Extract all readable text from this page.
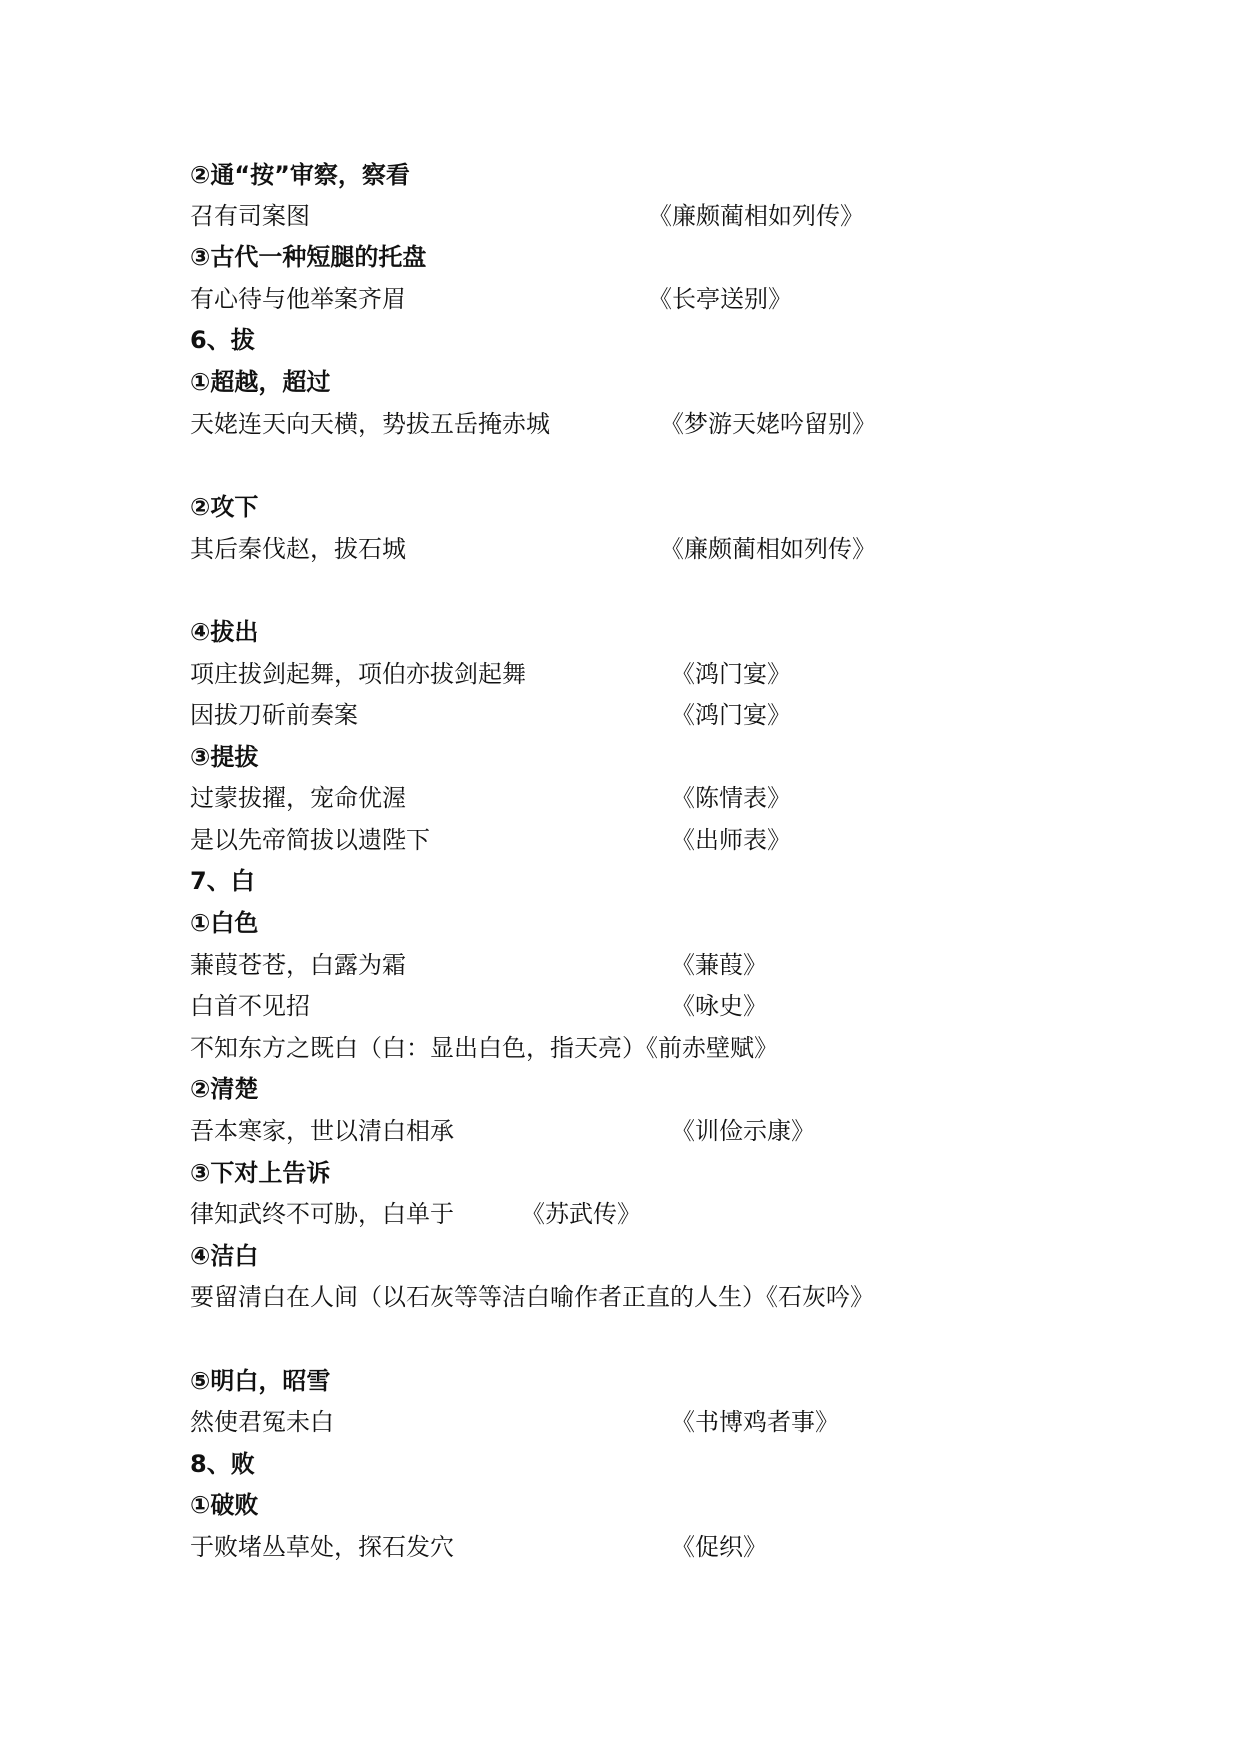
②通“按”审察，察看
召有司案图	《廉颇蔺相如列传》
③古代一种短腿的托盘
有心待与他举案齐眉	《长亭送别》
6、拔
①超越，超过
天姥连天向天横，势拔五岳掩赤城	《梦游天姥吟留别》
②攻下
其后秦伐赵，拔石城	《廉颇蔺相如列传》
④拔出
项庄拔剑起舞，项伯亦拔剑起舞	《鸿门宴》
因拔刀斫前奏案	《鸿门宴》
③提拔
过蒙拔擢，宠命优渥	《陈情表》
是以先帝简拔以遗陛下	《出师表》
7、白
①白色
蒹葭苍苍，白露为霜	《蒹葭》
白首不见招	《咏史》
不知东方之既白（白：显出白色，指天亮）《前赤壁赋》
②清楚
吾本寒家，世以清白相承	《训俭示康》
③下对上告诉
律知武终不可胁，白单于	《苏武传》
④洁白
要留清白在人间（以石灰等等洁白喻作者正直的人生）《石灰吟》
⑤明白，昭雪
然使君冤未白	《书博鸡者事》
8、败
①破败
于败堵丛草处，探石发穴	《促织》
